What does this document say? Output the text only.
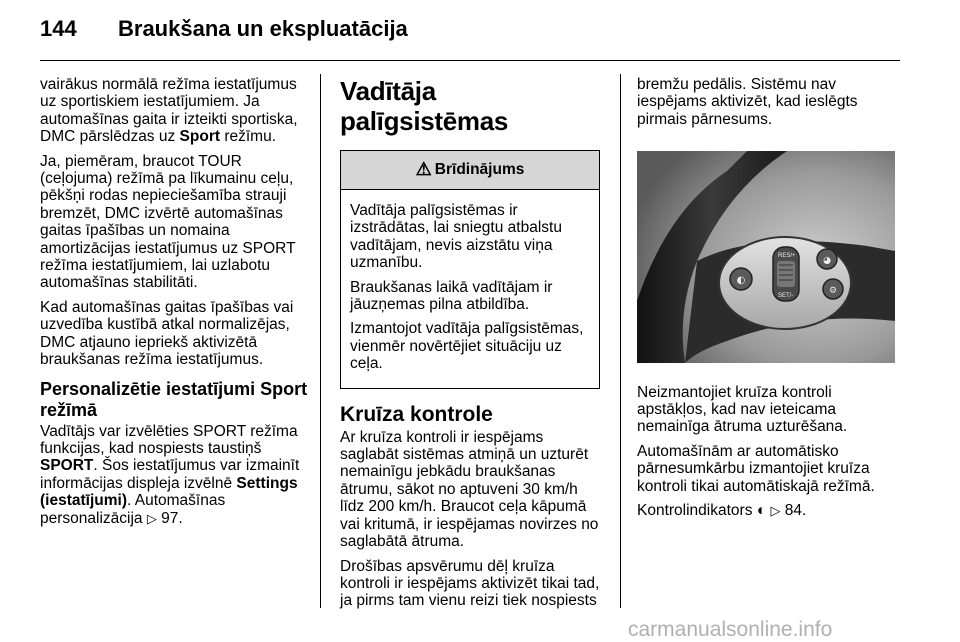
144 Braukšana un ekspluatācija

vairākus normālā režīma iestatījumus uz sportiskiem iestatījumiem. Ja automašīnas gaita ir izteikti sportiska, DMC pārslēdzas uz Sport režīmu.

Ja, piemēram, braucot TOUR (ceļojuma) režīmā pa līkumainu ceļu, pēkšņi rodas nepieciešamība strauji bremzēt, DMC izvērtē automašīnas gaitas īpašības un nomaina amortizācijas iestatījumus uz SPORT režīma iestatījumiem, lai uzlabotu automašīnas stabilitāti.

Kad automašīnas gaitas īpašības vai uzvedība kustībā atkal normalizējas, DMC atjauno iepriekš aktivizētā braukšanas režīma iestatījumus.

Personalizētie iestatījumi Sport režīmā

Vadītājs var izvēlēties SPORT režīma funkcijas, kad nospiests taustiņš SPORT. Šos iestatījumus var izmainīt informācijas displeja izvēlnē Settings (iestatījumi). Automašīnas personalizācija ▷ 97.

Vadītāja palīgsistēmas
⚠ Brīdinājums

Vadītāja palīgsistēmas ir izstrādātas, lai sniegtu atbalstu vadītājam, nevis aizstātu viņa uzmanību.

Braukšanas laikā vadītājam ir jāuzņemas pilna atbildība.

Izmantojot vadītāja palīgsistēmas, vienmēr novērtējiet situāciju uz ceļa.

Kruīza kontrole

Ar kruīza kontroli ir iespējams saglabāt sistēmas atmiņā un uzturēt nemainīgu jebkādu braukšanas ātrumu, sākot no aptuveni 30 km/h līdz 200 km/h. Braucot ceļa kāpumā vai kritumā, ir iespējamas novirzes no saglabātā ātruma.

Drošības apsvērumu dēļ kruīza kontroli ir iespējams aktivizēt tikai tad, ja pirms tam vienu reizi tiek nospiests

bremžu pedālis. Sistēmu nav iespējams aktivizēt, kad ieslēgts pirmais pārnesums.

RES/+
SET/-
◐
◕
⚙

Neizmantojiet kruīza kontroli apstākļos, kad nav ieteicama nemainīga ātruma uzturēšana.

Automašīnām ar automātisko pārnesumkārbu izmantojiet kruīza kontroli tikai automātiskajā režīmā.

Kontrolindikators ◐ ▷ 84.

carmanualsonline.info
